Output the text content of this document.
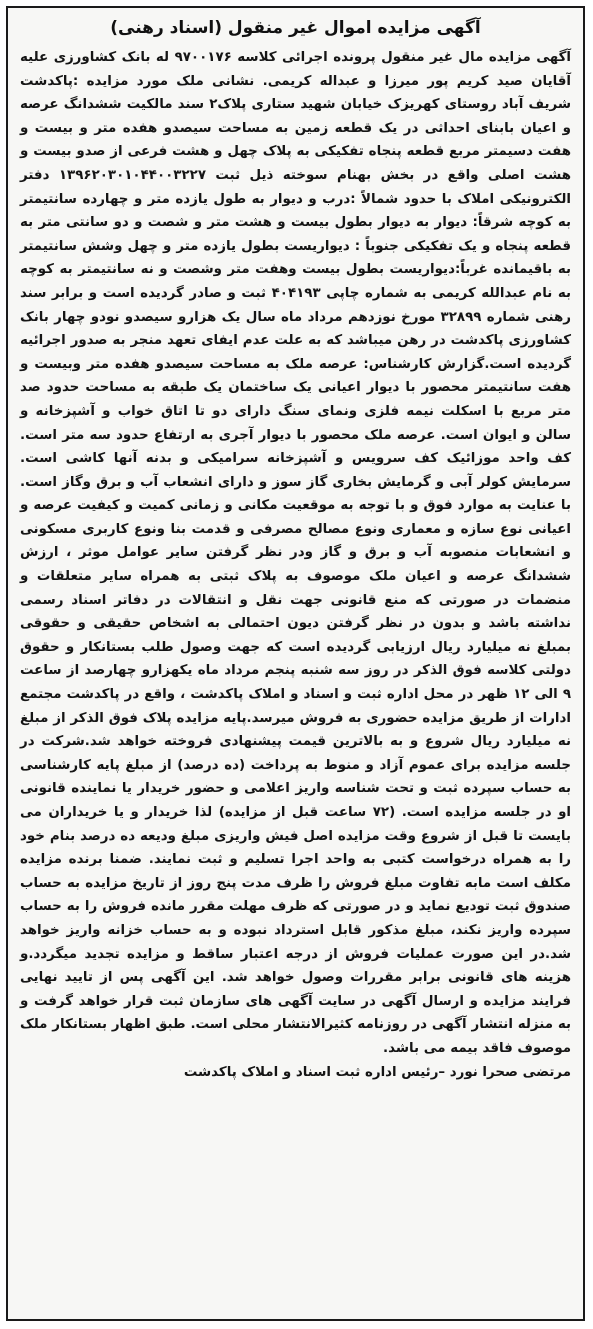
آگهی مزایده اموال غیر منقول (اسناد رهنی)

آگهی مزایده مال غیر منقول پرونده اجرائی کلاسه ۹۷۰۰۱۷۶ له بانک کشاورزی علیه آقایان صید کریم پور میرزا و عبداله کریمی. نشانی ملک مورد مزایده :پاکدشت شریف آباد روستای کهریزک خیابان شهید ستاری پلاک۲ سند مالکیت ششدانگ عرصه و اعیان بابنای احداثی در یک قطعه زمین به مساحت سیصدو هفده متر و بیست و هفت دسیمتر مربع قطعه پنجاه تفکیکی به پلاک چهل و هشت فرعی از صدو بیست و هشت اصلی واقع در بخش بهنام سوخته ذیل ثبت ۱۳۹۶۲۰۳۰۱۰۴۴۰۰۳۲۲۷ دفتر الکترونیکی املاک با حدود شمالاً :درب و دیوار به طول یازده متر و چهارده سانتیمتر به کوچه شرقاً: دیوار به دیوار بطول بیست و هشت متر و شصت و دو سانتی متر به قطعه پنجاه و یک تفکیکی جنوباً : دیواریست بطول یازده متر و چهل وشش سانتیمتر به باقیمانده غرباً:دیواریست بطول بیست وهفت متر وشصت و نه سانتیمتر به کوچه به نام عبدالله کریمی به شماره چاپی ۴۰۴۱۹۳ ثبت و صادر گردیده است و برابر سند رهنی شماره ۳۲۸۹۹ مورخ نوزدهم مرداد ماه سال یک هزارو سیصدو نودو چهار بانک کشاورزی پاکدشت در رهن میباشد که به علت عدم ایفای تعهد منجر به صدور اجرائیه گردیده است.گزارش کارشناس: عرصه ملک به مساحت سیصدو هفده متر وبیست و هفت سانتیمتر محصور با دیوار اعیانی یک ساختمان یک طبقه به مساحت حدود صد متر مربع با اسکلت نیمه فلزی ونمای سنگ دارای دو تا اتاق خواب و آشپزخانه و سالن و ایوان است. عرصه ملک محصور با دیوار آجری به ارتفاع حدود سه متر است. کف واحد موزائیک کف سرویس و آشپزخانه سرامیکی و بدنه آنها کاشی است. سرمایش کولر آبی و گرمایش بخاری گاز سوز و دارای انشعاب آب و برق وگاز است. با عنایت به موارد فوق و با توجه به موقعیت مکانی و زمانی کمیت و کیفیت عرصه و اعیانی نوع سازه و معماری ونوع مصالح مصرفی و قدمت بنا ونوع کاربری مسکونی و انشعابات منصوبه آب و برق و گاز ودر نظر گرفتن سایر عوامل موثر ، ارزش ششدانگ عرصه و اعیان ملک موصوف به پلاک ثبتی به همراه سایر متعلقات و منضمات در صورتی که منع قانونی جهت نقل و انتقالات در دفاتر اسناد رسمی نداشته باشد و بدون در نظر گرفتن دیون احتمالی به اشخاص حقیقی و حقوقی بمبلغ نه میلیارد ریال ارزیابی گردیده است که جهت وصول طلب بستانکار و حقوق دولتی کلاسه فوق الذکر در روز سه شنبه پنجم مرداد ماه یکهزارو چهارصد از ساعت ۹ الی ۱۲ ظهر در محل اداره ثبت و اسناد و املاک پاکدشت ، واقع در پاکدشت مجتمع ادارات از طریق مزایده حضوری به فروش میرسد.پایه مزایده پلاک فوق الذکر از مبلغ نه میلیارد ریال شروع و به بالاترین قیمت پیشنهادی فروخته خواهد شد.شرکت در جلسه مزایده برای عموم آزاد و منوط به پرداخت (ده درصد) از مبلغ پایه کارشناسی به حساب سپرده ثبت و تحت شناسه واریز اعلامی و حضور خریدار یا نماینده قانونی او در جلسه مزایده است. (۷۲ ساعت قبل از مزایده) لذا خریدار و یا خریداران می بایست تا قبل از شروع وقت مزایده اصل فیش واریزی مبلغ ودیعه ده درصد بنام خود را به همراه درخواست کتبی به واحد اجرا تسلیم و ثبت نمایند. ضمنا برنده مزایده مکلف است مابه تفاوت مبلغ فروش را ظرف مدت پنج روز از تاریخ مزایده به حساب صندوق ثبت تودیع نماید و در صورتی که ظرف مهلت مقرر مانده فروش را به حساب سپرده واریز نکند، مبلغ مذکور قابل استرداد نبوده و به حساب خزانه واریز خواهد شد.در این صورت عملیات فروش از درجه اعتبار ساقط و مزایده تجدید میگردد.و هزینه های قانونی برابر مقررات وصول خواهد شد. این آگهی پس از تایید نهایی فرایند مزایده و ارسال آگهی در سایت آگهی های سازمان ثبت قرار خواهد گرفت و به منزله انتشار آگهی در روزنامه کثیرالانتشار محلی است. طبق اظهار بستانکار ملک موصوف فاقد بیمه می باشد.

مرتضی صحرا نورد –رئیس اداره ثبت اسناد و املاک پاکدشت
